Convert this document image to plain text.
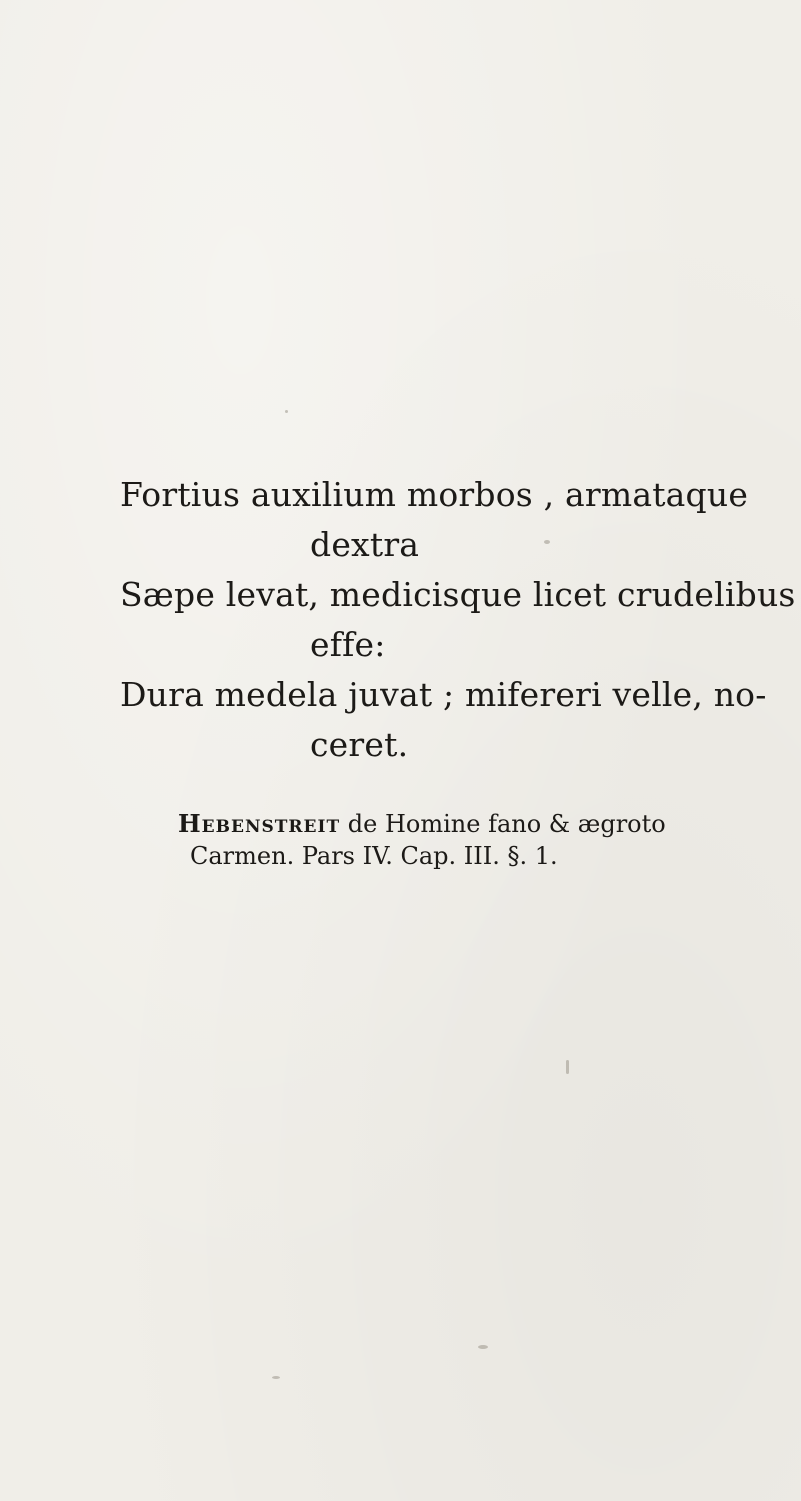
Fortius auxilium morbos , armataque
dextra
Sæpe levat, medicisque licet crudelibus
effe:
Dura medela juvat ; mifereri velle, no-
ceret.
Hebenstreit de Homine fano & ægroto
Carmen. Pars IV. Cap. III. §. 1.
